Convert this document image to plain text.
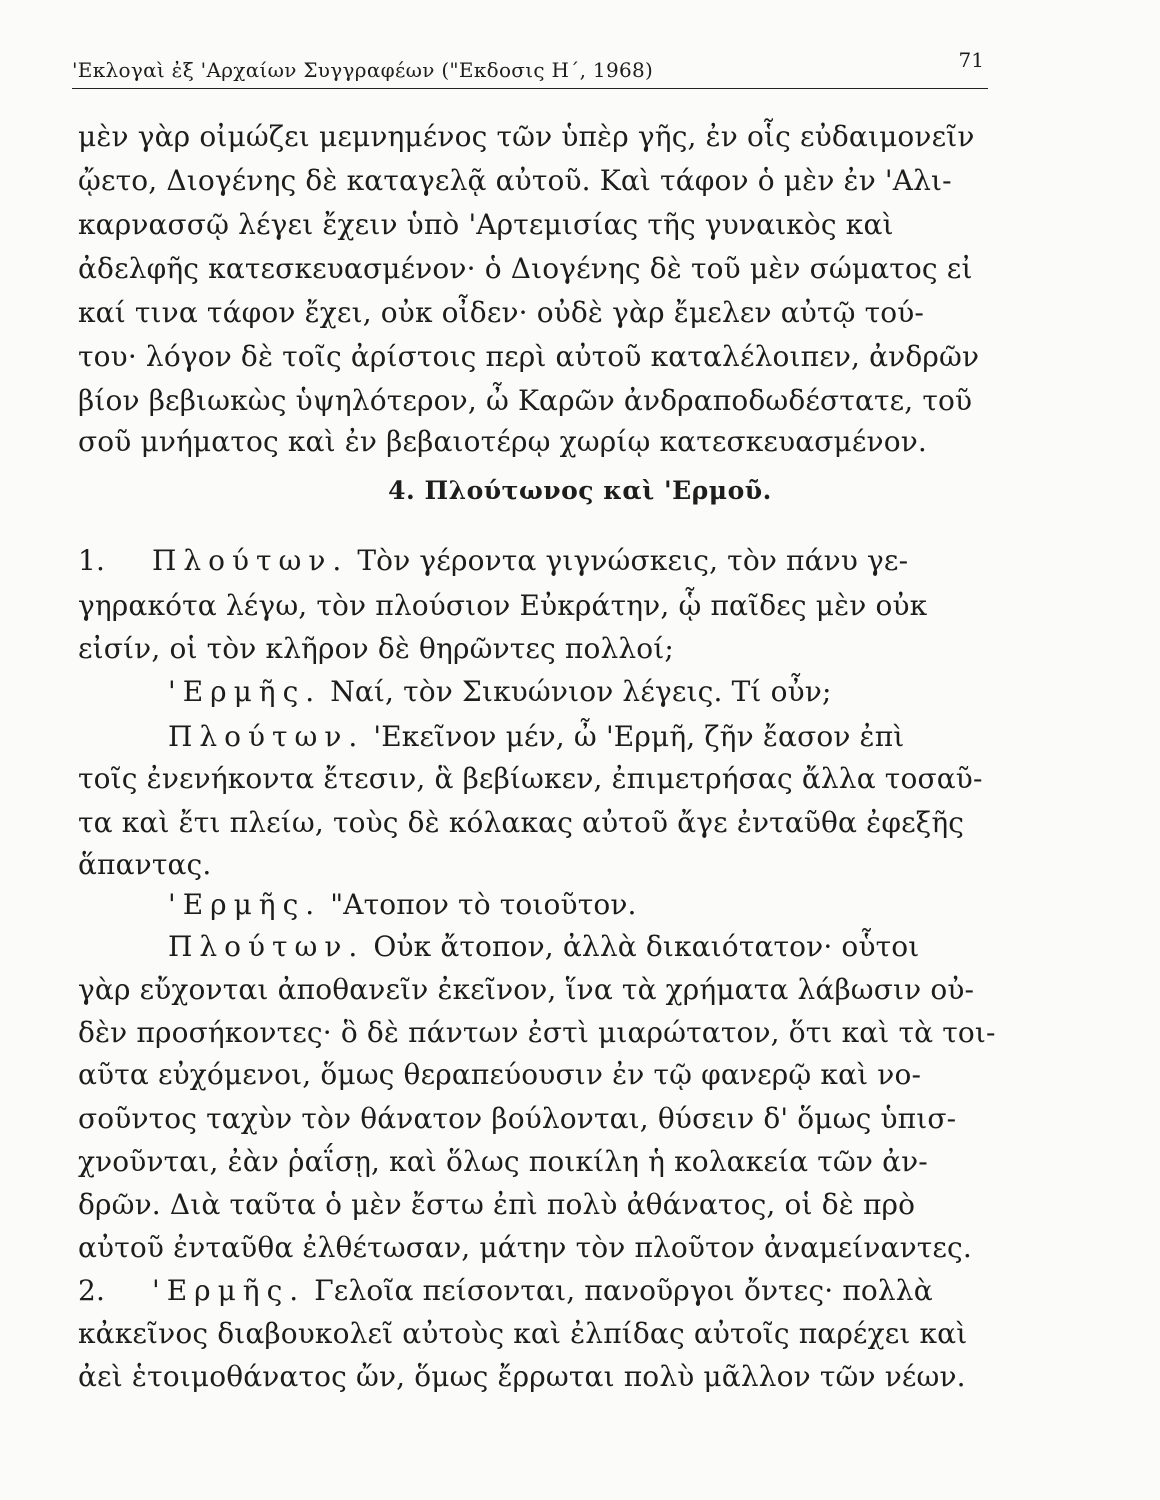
'Εκλογαὶ ἐξ 'Αρχαίων Συγγραφέων ("Εκδοσις Η΄, 1968)	71
μὲν γὰρ οἰμώζει μεμνημένος τῶν ὑπὲρ γῆς, ἐν οἷς εὐδαιμονεῖν
ᾤετο, Διογένης δὲ καταγελᾷ αὐτοῦ. Καὶ τάφον ὁ μὲν ἐν 'Αλι-
καρνασσῷ λέγει ἔχειν ὑπὸ 'Αρτεμισίας τῆς γυναικὸς καὶ
ἀδελφῆς κατεσκευασμένον· ὁ Διογένης δὲ τοῦ μὲν σώματος εἰ
καί τινα τάφον ἔχει, οὐκ οἶδεν· οὐδὲ γὰρ ἔμελεν αὐτῷ τού-
του· λόγον δὲ τοῖς ἀρίστοις περὶ αὐτοῦ καταλέλοιπεν, ἀνδρῶν
βίον βεβιωκὼς ὑψηλότερον, ὦ Καρῶν ἀνδραποδωδέστατε, τοῦ
σοῦ μνήματος καὶ ἐν βεβαιοτέρῳ χωρίῳ κατεσκευασμένον.
4. Πλούτωνος καὶ 'Ερμοῦ.
1. Πλούτων. Τὸν γέροντα γιγνώσκεις, τὸν πάνυ γε-
γηρακότα λέγω, τὸν πλούσιον Εὐκράτην, ᾧ παῖδες μὲν οὐκ
εἰσίν, οἱ τὸν κλῆρον δὲ θηρῶντες πολλοί;
'Ερμῆς. Ναί, τὸν Σικυώνιον λέγεις. Τί οὖν;
Πλούτων. 'Εκεῖνον μέν, ὦ 'Ερμῆ, ζῆν ἔασον ἐπὶ
τοῖς ἐνενήκοντα ἔτεσιν, ἃ βεβίωκεν, ἐπιμετρήσας ἄλλα τοσαῦ-
τα καὶ ἔτι πλείω, τοὺς δὲ κόλακας αὐτοῦ ἄγε ἐνταῦθα ἐφεξῆς
ἅπαντας.
'Ερμῆς. "Ατοπον τὸ τοιοῦτον.
Πλούτων. Οὐκ ἄτοπον, ἀλλὰ δικαιότατον· οὗτοι
γὰρ εὔχονται ἀποθανεῖν ἐκεῖνον, ἵνα τὰ χρήματα λάβωσιν οὐ-
δὲν προσήκοντες· ὃ δὲ πάντων ἐστὶ μιαρώτατον, ὅτι καὶ τὰ τοι-
αῦτα εὐχόμενοι, ὅμως θεραπεύουσιν ἐν τῷ φανερῷ καὶ νο-
σοῦντος ταχὺν τὸν θάνατον βούλονται, θύσειν δ' ὅμως ὑπισ-
χνοῦνται, ἐὰν ῥαΐσῃ, καὶ ὅλως ποικίλη ἡ κολακεία τῶν ἀν-
δρῶν. Διὰ ταῦτα ὁ μὲν ἔστω ἐπὶ πολὺ ἀθάνατος, οἱ δὲ πρὸ
αὐτοῦ ἐνταῦθα ἐλθέτωσαν, μάτην τὸν πλοῦτον ἀναμείναντες.
2. 'Ερμῆς. Γελοῖα πείσονται, πανοῦργοι ὄντες· πολλὰ
κἀκεῖνος διαβουκολεῖ αὐτοὺς καὶ ἐλπίδας αὐτοῖς παρέχει καὶ
ἀεὶ ἑτοιμοθάνατος ὤν, ὅμως ἔρρωται πολὺ μᾶλλον τῶν νέων.
